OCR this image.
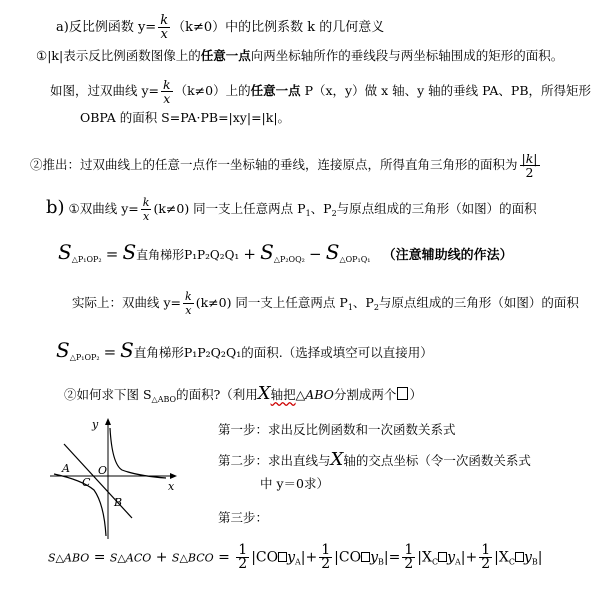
a)反比例函数 $y= \frac{k}{x} (k\ne 0)$中的比例系数 k 的几何意义
①|k|表示反比例函数图像上的任意一点向两坐标轴所作的垂线段与两坐标轴围成的矩形的面积。
如图，过双曲线 $y= \frac{k}{x} (k\ne 0)$上的任意一点 P（x，y）做 x 轴、y 轴的垂线 PA、PB，所得矩形
OBPA 的面积 S=PA·PB=|xy|=|k|。
②推出：过双曲线上的任意一点作一坐标轴的垂线，连接原点，所得直角三角形的面积为 $\frac{|k|}{2}$
b) ①双曲线 $y= \frac{k}{x} (k\ne 0)$ 同一支上任意两点 $P_1$、$P_2$与原点组成的三角形（如图）的面积
$S_{\triangle P_1OP_2} = S$直角梯形$P_1P_2Q_2Q_1 + S_{\triangle P_2OQ_2} - S_{\triangle OP_1Q_1}$ （注意辅助线的作法）
实际上：双曲线 $y= \frac{k}{x} (k\ne 0)$ 同一支上任意两点 $P_1$、$P_2$与原点组成的三角形（如图）的面积
$S_{\triangle P_1OP_2} = S$直角梯形P₁P₂Q₂Q₁的面积.（选择或填空可以直接用）
②如何求下图 $S_{\triangle ABO}$的面积?（利用X轴把△ABO分割成两个 ）
y
x
A	O
C
B
第一步：求出反比例函数和一次函数关系式
第二步：求出直线与X轴的交点坐标（令一次函数关系式
中 y＝0求）
第三步：
S△ABO = S△ACO + S△BCO = $\frac{1}{2} |CO$ $y_A|+ \frac{1}{2} |CO$ $y_B|= \frac{1}{2} |X_C$ $y_A|+ \frac{1}{2} |X_C$ $y_B|$
